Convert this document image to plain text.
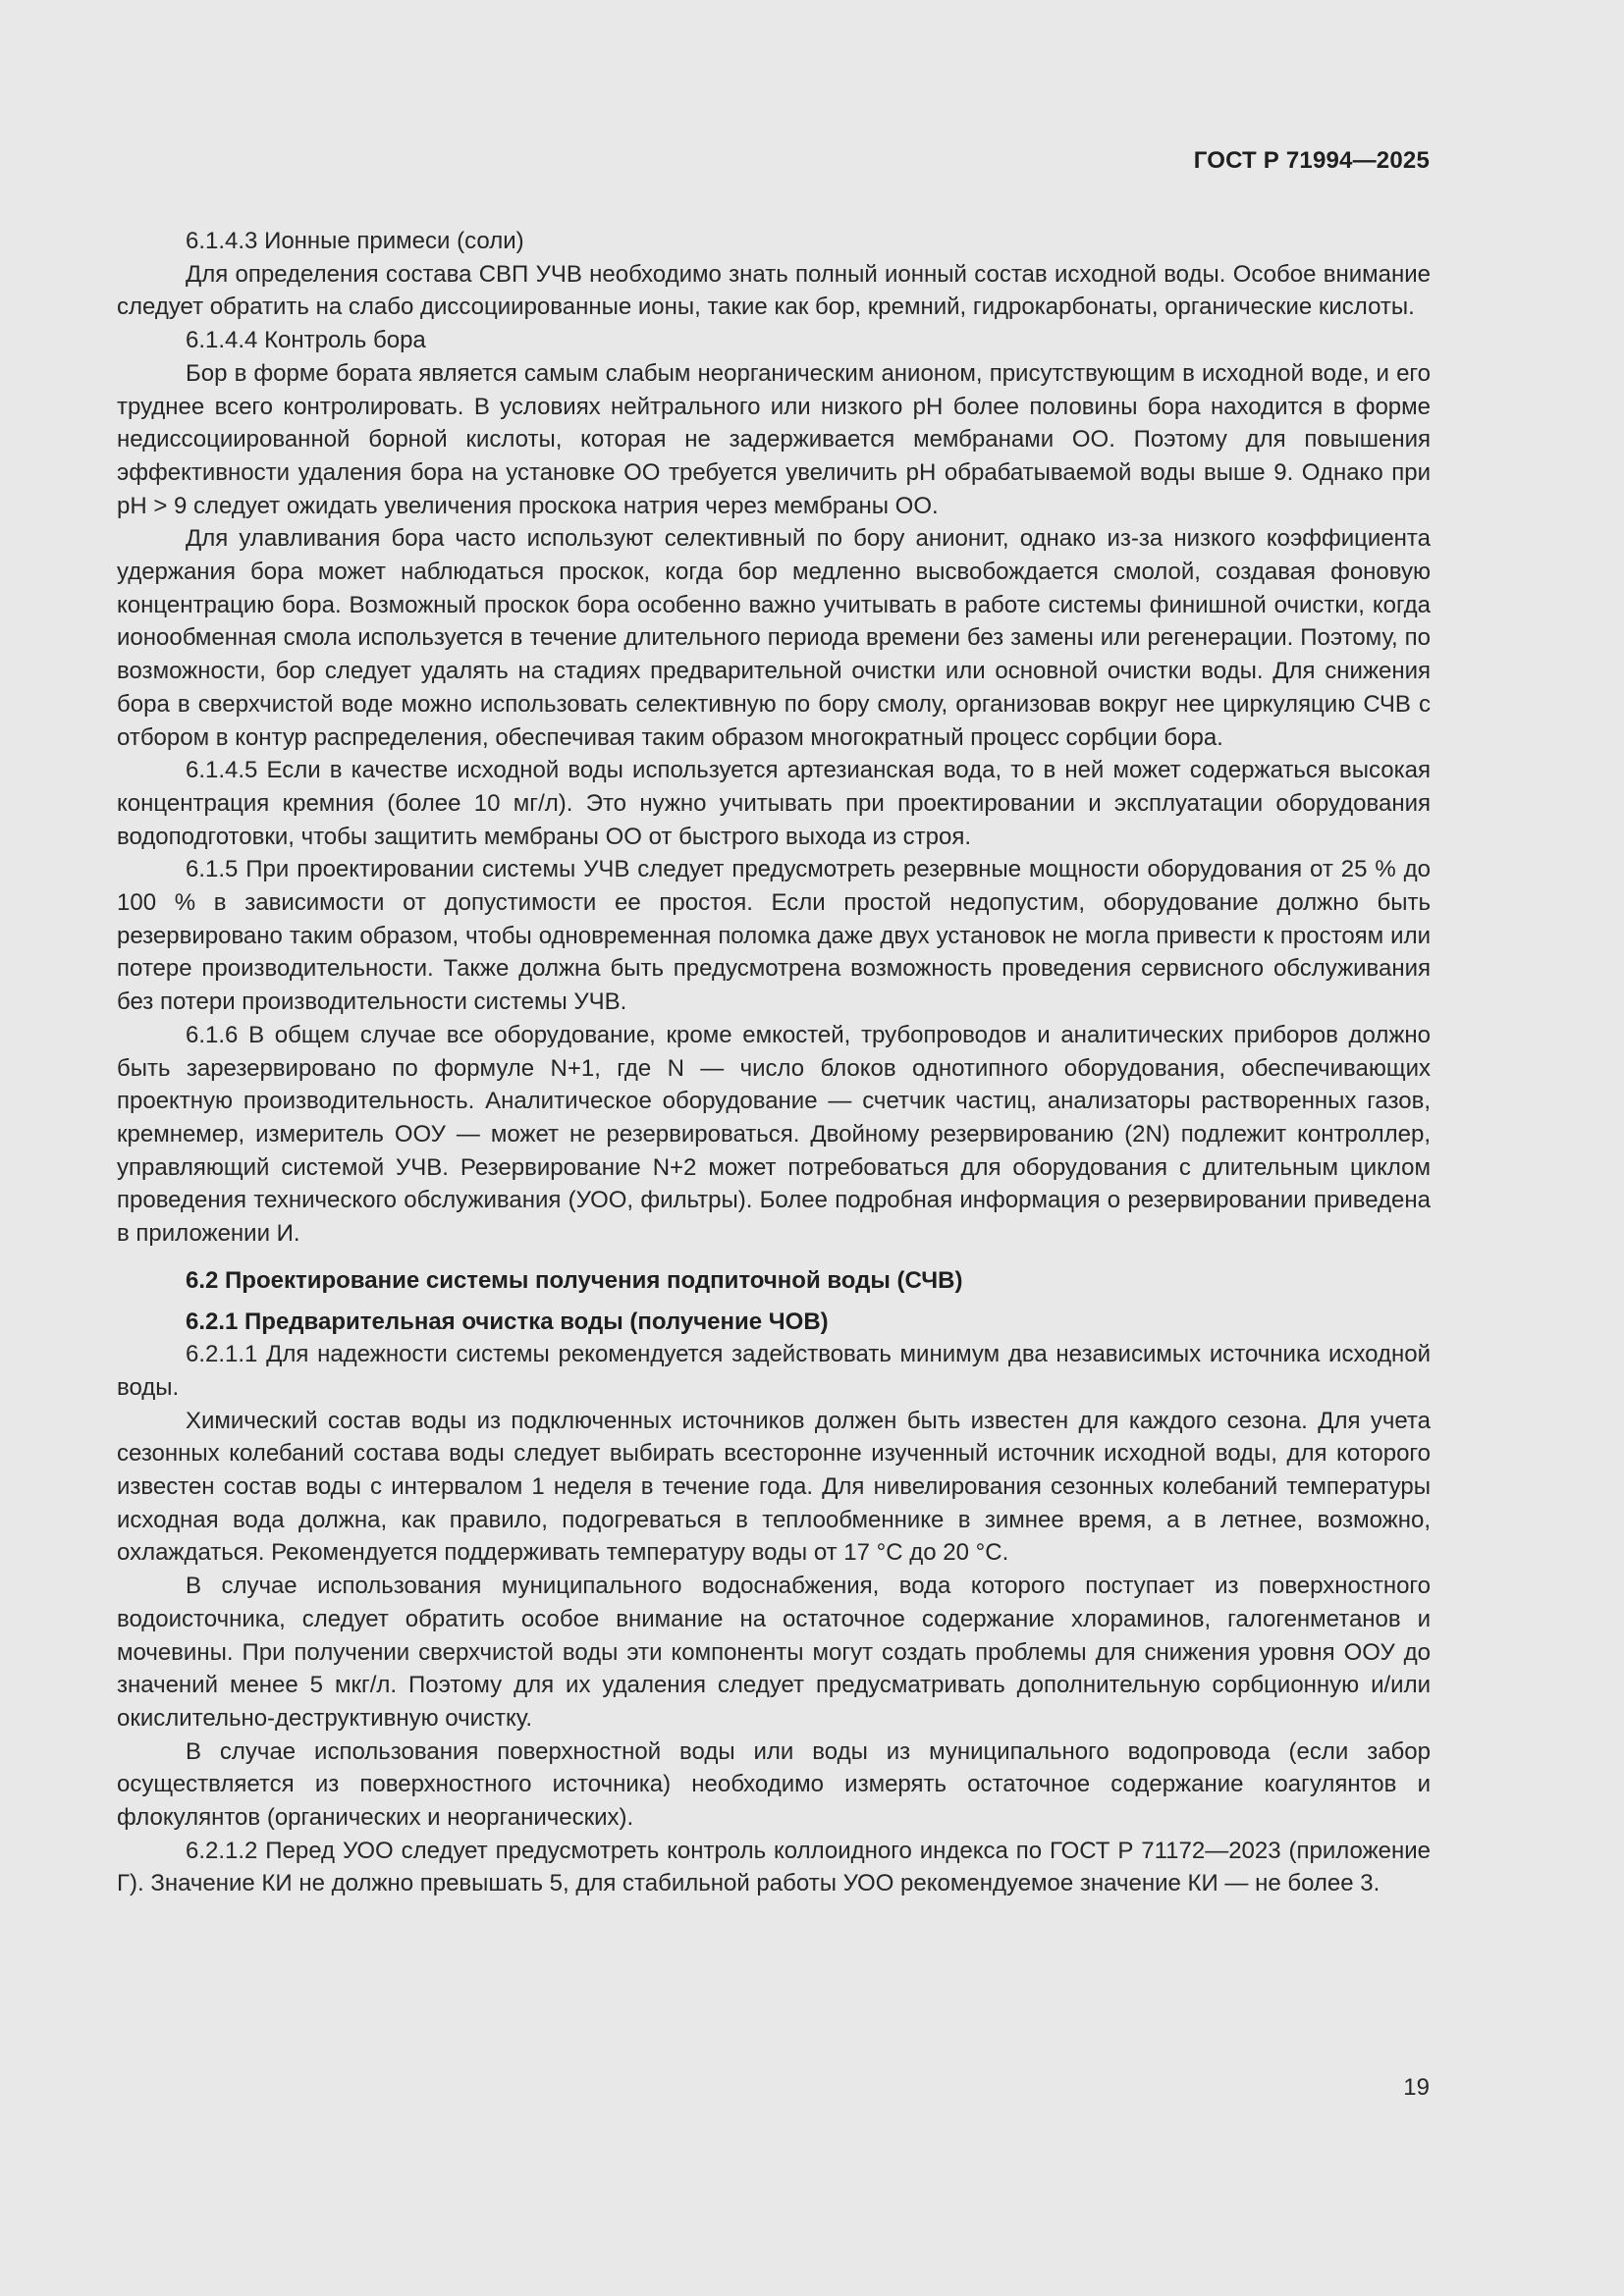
ГОСТ Р 71994—2025

6.1.4.3 Ионные примеси (соли)

Для определения состава СВП УЧВ необходимо знать полный ионный состав исходной воды. Особое внимание следует обратить на слабо диссоциированные ионы, такие как бор, кремний, гидрокарбонаты, органические кислоты.

6.1.4.4 Контроль бора

Бор в форме бората является самым слабым неорганическим анионом, присутствующим в исходной воде, и его труднее всего контролировать. В условиях нейтрального или низкого pH более половины бора находится в форме недиссоциированной борной кислоты, которая не задерживается мембранами ОО. Поэтому для повышения эффективности удаления бора на установке ОО требуется увеличить pH обрабатываемой воды выше 9. Однако при pH > 9 следует ожидать увеличения проскока натрия через мембраны ОО.

Для улавливания бора часто используют селективный по бору анионит, однако из-за низкого коэффициента удержания бора может наблюдаться проскок, когда бор медленно высвобождается смолой, создавая фоновую концентрацию бора. Возможный проскок бора особенно важно учитывать в работе системы финишной очистки, когда ионообменная смола используется в течение длительного периода времени без замены или регенерации. Поэтому, по возможности, бор следует удалять на стадиях предварительной очистки или основной очистки воды. Для снижения бора в сверхчистой воде можно использовать селективную по бору смолу, организовав вокруг нее циркуляцию СЧВ с отбором в контур распределения, обеспечивая таким образом многократный процесс сорбции бора.

6.1.4.5 Если в качестве исходной воды используется артезианская вода, то в ней может содержаться высокая концентрация кремния (более 10 мг/л). Это нужно учитывать при проектировании и эксплуатации оборудования водоподготовки, чтобы защитить мембраны ОО от быстрого выхода из строя.

6.1.5 При проектировании системы УЧВ следует предусмотреть резервные мощности оборудования от 25 % до 100 % в зависимости от допустимости ее простоя. Если простой недопустим, оборудование должно быть резервировано таким образом, чтобы одновременная поломка даже двух установок не могла привести к простоям или потере производительности. Также должна быть предусмотрена возможность проведения сервисного обслуживания без потери производительности системы УЧВ.

6.1.6 В общем случае все оборудование, кроме емкостей, трубопроводов и аналитических приборов должно быть зарезервировано по формуле N+1, где N — число блоков однотипного оборудования, обеспечивающих проектную производительность. Аналитическое оборудование — счетчик частиц, анализаторы растворенных газов, кремнемер, измеритель ООУ — может не резервироваться. Двойному резервированию (2N) подлежит контроллер, управляющий системой УЧВ. Резервирование N+2 может потребоваться для оборудования с длительным циклом проведения технического обслуживания (УОО, фильтры). Более подробная информация о резервировании приведена в приложении И.

6.2 Проектирование системы получения подпиточной воды (СЧВ)

6.2.1 Предварительная очистка воды (получение ЧОВ)

6.2.1.1 Для надежности системы рекомендуется задействовать минимум два независимых источника исходной воды.

Химический состав воды из подключенных источников должен быть известен для каждого сезона. Для учета сезонных колебаний состава воды следует выбирать всесторонне изученный источник исходной воды, для которого известен состав воды с интервалом 1 неделя в течение года. Для нивелирования сезонных колебаний температуры исходная вода должна, как правило, подогреваться в теплообменнике в зимнее время, а в летнее, возможно, охлаждаться. Рекомендуется поддерживать температуру воды от 17 °С до 20 °С.

В случае использования муниципального водоснабжения, вода которого поступает из поверхностного водоисточника, следует обратить особое внимание на остаточное содержание хлораминов, галогенметанов и мочевины. При получении сверхчистой воды эти компоненты могут создать проблемы для снижения уровня ООУ до значений менее 5 мкг/л. Поэтому для их удаления следует предусматривать дополнительную сорбционную и/или окислительно-деструктивную очистку.

В случае использования поверхностной воды или воды из муниципального водопровода (если забор осуществляется из поверхностного источника) необходимо измерять остаточное содержание коагулянтов и флокулянтов (органических и неорганических).

6.2.1.2 Перед УОО следует предусмотреть контроль коллоидного индекса по ГОСТ Р 71172—2023 (приложение Г). Значение КИ не должно превышать 5, для стабильной работы УОО рекомендуемое значение КИ — не более 3.

19
